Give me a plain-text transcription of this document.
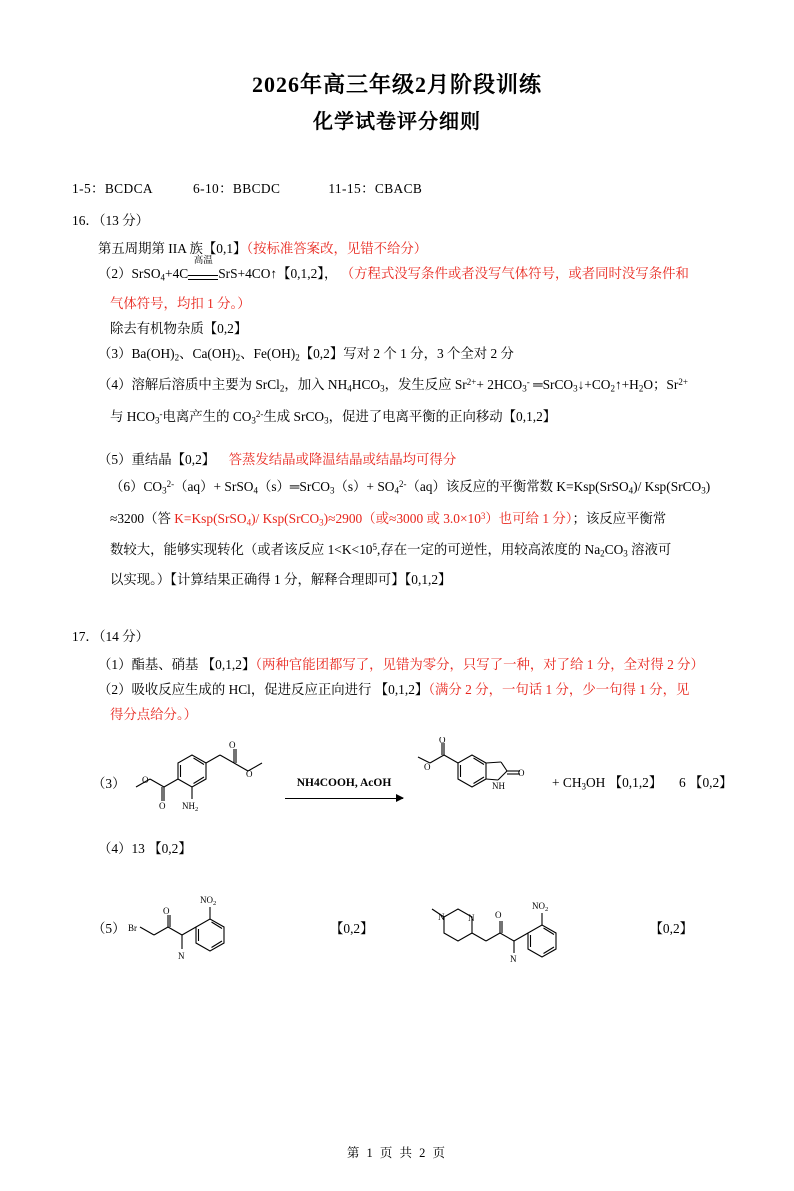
2026年高三年级2月阶段训练
化学试卷评分细则
1-5：BCDCA	6-10：BBCDC	11-15：CBACB
16．（13 分）
第五周期第 IIA 族【0,1】（按标准答案改，见错不给分）
（2）SrSO$_4$+4C
高温
SrS+4CO↑【0,1,2】， （方程式没写条件或者没写气体符号，或者同时没写条件和
气体符号，均扣 1 分。）
除去有机物杂质【0,2】
$(3)Ba(OH)_2$、$Ca(OH)_2$、$Fe(OH)_2$【0,2】写对 2 个 1 分，3 个全对 2 分
（4）溶解后溶质中主要为 SrCl$_2$，加入 $NH_4HCO_3$，发生反应 $Sr^{2+}+ 2HCO_3^-$ $═SrCO_3↓+CO_2↑+H_2O$；$Sr^{2+}$
与 $HCO_3^-$电离产生的 $CO_3^{2-}$生成 SrCO$_3$，促进了电离平衡的正向移动【0,1,2】
（5）重结晶【0,2】 答蒸发结晶或降温结晶或结晶均可得分
$(6)CO_3^{2-}(aq)+$ SrSO$_4$（s）═SrCO$_3$（s）+ $SO_4^{2-}(aq)$该反应的平衡常数 K=Ksp(SrSO$_4$)/ Ksp(SrCO$_3$)
≈3200（答 K=Ksp(SrSO$_4$)/ Ksp(SrCO$_3$)≈2900（或≈3000 或 $3.0\times 10^3$）也可给 1 分）；该反应平衡常
数较大，能够实现转化（或者该反应 $1<K<10^5$,存在一定的可逆性，用较高浓度的 $Na_2CO_3$ 溶液可
以实现。）【计算结果正确得 1 分，解释合理即可】【0,1,2】
17．（14 分）
（1）酯基、硝基 【0,1,2】（两种官能团都写了，见错为零分，只写了一种，对了给 1 分，全对得 2 分）
（2）吸收反应生成的 HCl，促进反应正向进行 【0,1,2】（满分 2 分，一句话 1 分，少一句得 1 分，见
得分点给分。）
（3） O
O
O
O
$NH_2$
NH4COOH, AcOH
O
O
O
NH	+ $CH_3OH$ 【0,1,2】     6 【0,2】
（4）13 【0,2】
（5） Br
O
N
$NO_2$
【0,2】
N	N O
N
$NO_2$
【0,2】
第 1 页 共 2 页
